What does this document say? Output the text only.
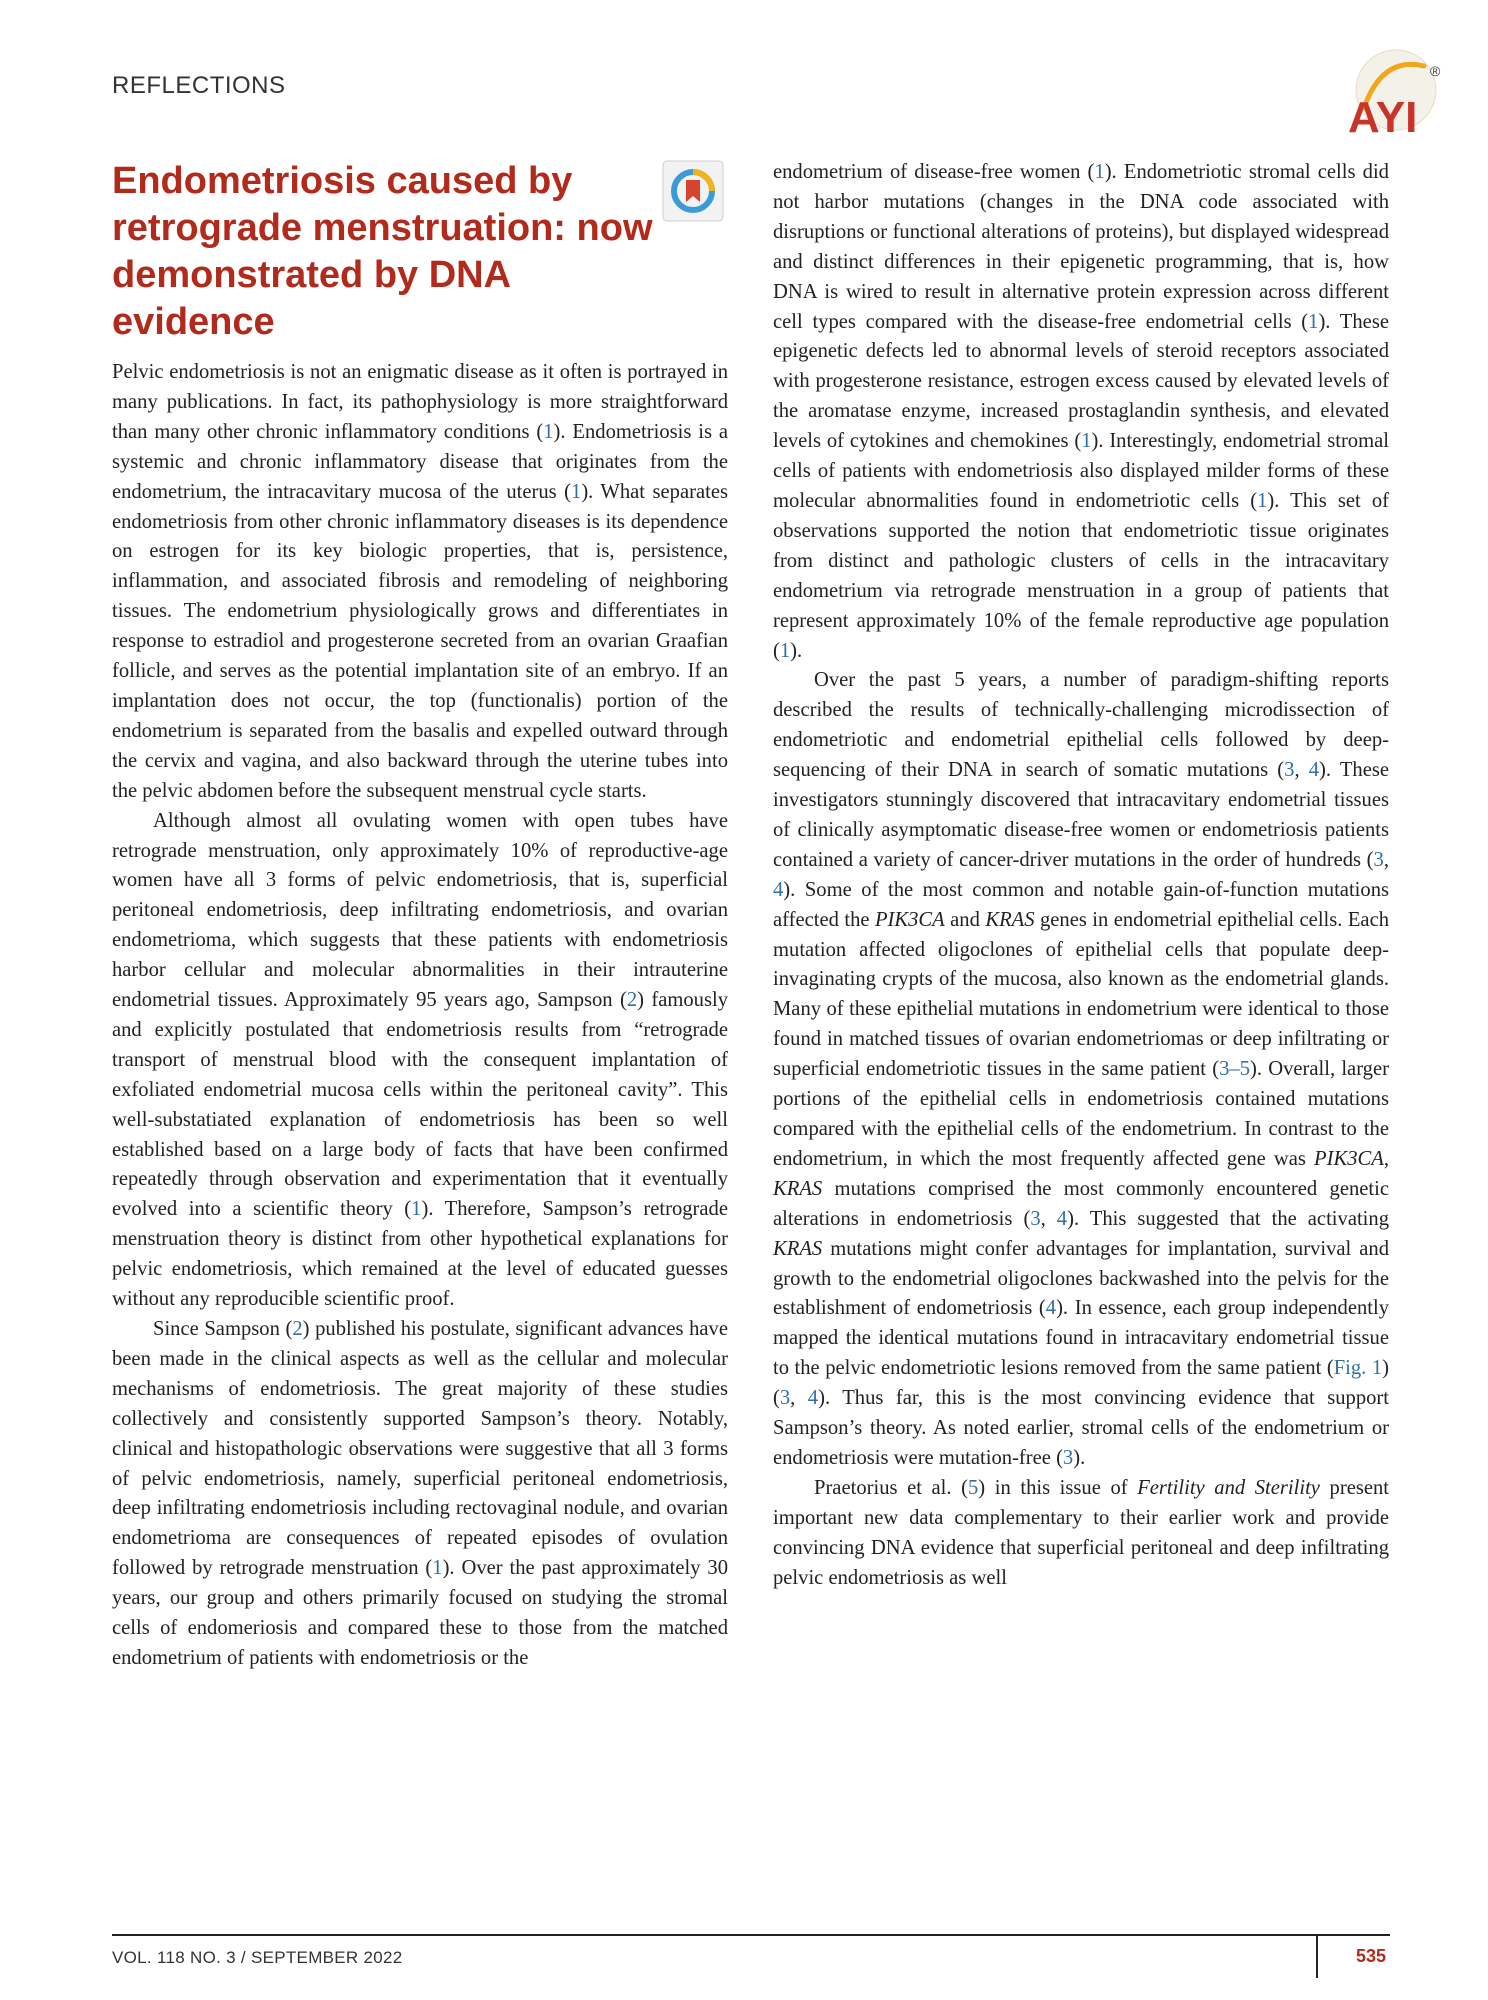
REFLECTIONS
AYI
®
Endometriosis caused by retrograde menstruation: now demonstrated by DNA evidence

Pelvic endometriosis is not an enigmatic disease as it often is portrayed in many publications. In fact, its pathophysiology is more straightforward than many other chronic inflammatory conditions (1). Endometriosis is a systemic and chronic inflammatory disease that originates from the endometrium, the intracavitary mucosa of the uterus (1). What separates endometriosis from other chronic inflammatory diseases is its dependence on estrogen for its key biologic properties, that is, persistence, inflammation, and associated fibrosis and remodeling of neighboring tissues. The endometrium physiologically grows and differentiates in response to estradiol and progesterone secreted from an ovarian Graafian follicle, and serves as the potential implantation site of an embryo. If an implantation does not occur, the top (functionalis) portion of the endometrium is separated from the basalis and expelled outward through the cervix and vagina, and also backward through the uterine tubes into the pelvic abdomen before the subsequent menstrual cycle starts.

Although almost all ovulating women with open tubes have retrograde menstruation, only approximately 10% of reproductive-age women have all 3 forms of pelvic endometriosis, that is, superficial peritoneal endometriosis, deep infiltrating endometriosis, and ovarian endometrioma, which suggests that these patients with endometriosis harbor cellular and molecular abnormalities in their intrauterine endometrial tissues. Approximately 95 years ago, Sampson (2) famously and explicitly postulated that endometriosis results from “retrograde transport of menstrual blood with the consequent implantation of exfoliated endometrial mucosa cells within the peritoneal cavity”. This well-substatiated explanation of endometriosis has been so well established based on a large body of facts that have been confirmed repeatedly through observation and experimentation that it eventually evolved into a scientific theory (1). Therefore, Sampson’s retrograde menstruation theory is distinct from other hypothetical explanations for pelvic endometriosis, which remained at the level of educated guesses without any reproducible scientific proof.

Since Sampson (2) published his postulate, significant advances have been made in the clinical aspects as well as the cellular and molecular mechanisms of endometriosis. The great majority of these studies collectively and consistently supported Sampson’s theory. Notably, clinical and histopathologic observations were suggestive that all 3 forms of pelvic endometriosis, namely, superficial peritoneal endometriosis, deep infiltrating endometriosis including rectovaginal nodule, and ovarian endometrioma are consequences of repeated episodes of ovulation followed by retrograde menstruation (1). Over the past approximately 30 years, our group and others primarily focused on studying the stromal cells of endomeriosis and compared these to those from the matched endometrium of patients with endometriosis or the

endometrium of disease-free women (1). Endometriotic stromal cells did not harbor mutations (changes in the DNA code associated with disruptions or functional alterations of proteins), but displayed widespread and distinct differences in their epigenetic programming, that is, how DNA is wired to result in alternative protein expression across different cell types compared with the disease-free endometrial cells (1). These epigenetic defects led to abnormal levels of steroid receptors associated with progesterone resistance, estrogen excess caused by elevated levels of the aromatase enzyme, increased prostaglandin synthesis, and elevated levels of cytokines and chemokines (1). Interestingly, endometrial stromal cells of patients with endometriosis also displayed milder forms of these molecular abnormalities found in endometriotic cells (1). This set of observations supported the notion that endometriotic tissue originates from distinct and pathologic clusters of cells in the intracavitary endometrium via retrograde menstruation in a group of patients that represent approximately 10% of the female reproductive age population (1).

Over the past 5 years, a number of paradigm-shifting reports described the results of technically-challenging microdissection of endometriotic and endometrial epithelial cells followed by deep-sequencing of their DNA in search of somatic mutations (3, 4). These investigators stunningly discovered that intracavitary endometrial tissues of clinically asymptomatic disease-free women or endometriosis patients contained a variety of cancer-driver mutations in the order of hundreds (3, 4). Some of the most common and notable gain-of-function mutations affected the PIK3CA and KRAS genes in endometrial epithelial cells. Each mutation affected oligoclones of epithelial cells that populate deep-invaginating crypts of the mucosa, also known as the endometrial glands. Many of these epithelial mutations in endometrium were identical to those found in matched tissues of ovarian endometriomas or deep infiltrating or superficial endometriotic tissues in the same patient (3–5). Overall, larger portions of the epithelial cells in endometriosis contained mutations compared with the epithelial cells of the endometrium. In contrast to the endometrium, in which the most frequently affected gene was PIK3CA, KRAS mutations comprised the most commonly encountered genetic alterations in endometriosis (3, 4). This suggested that the activating KRAS mutations might confer advantages for implantation, survival and growth to the endometrial oligoclones backwashed into the pelvis for the establishment of endometriosis (4). In essence, each group independently mapped the identical mutations found in intracavitary endometrial tissue to the pelvic endometriotic lesions removed from the same patient (Fig. 1) (3, 4). Thus far, this is the most convincing evidence that support Sampson’s theory. As noted earlier, stromal cells of the endometrium or endometriosis were mutation-free (3).

Praetorius et al. (5) in this issue of Fertility and Sterility present important new data complementary to their earlier work and provide convincing DNA evidence that superficial peritoneal and deep infiltrating pelvic endometriosis as well

VOL. 118 NO. 3 / SEPTEMBER 2022	535
